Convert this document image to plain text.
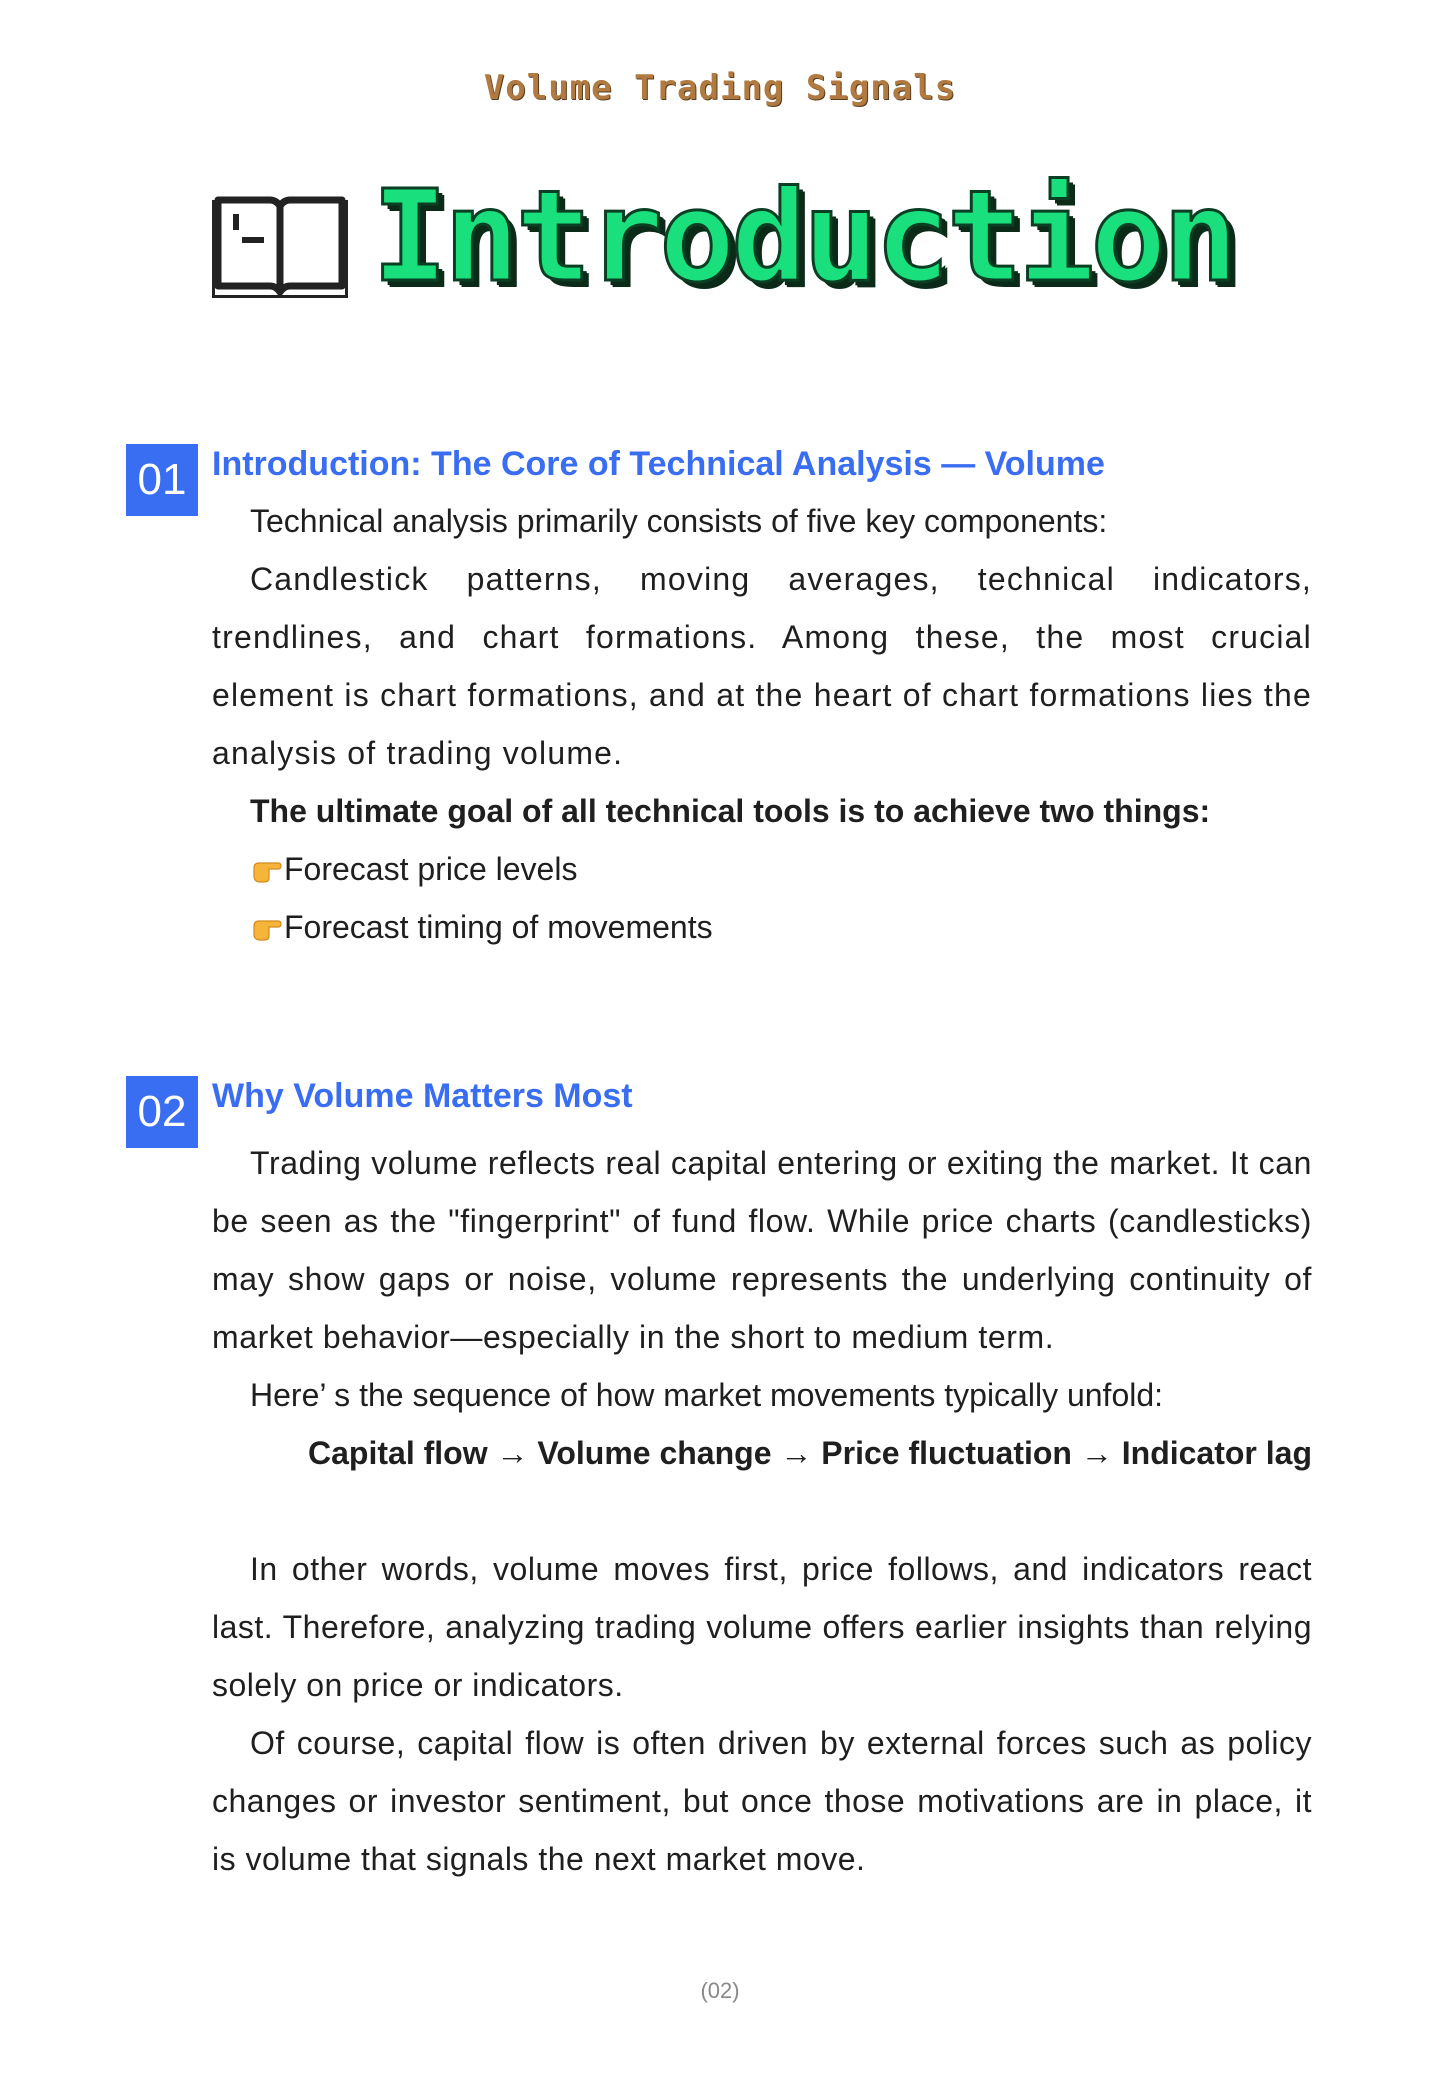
Volume Trading Signals
Introduction
01 Introduction: The Core of Technical Analysis — Volume

Technical analysis primarily consists of five key components:

Candlestick patterns, moving averages, technical indicators, trendlines, and chart formations. Among these, the most crucial element is chart formations, and at the heart of chart formations lies the analysis of trading volume.

The ultimate goal of all technical tools is to achieve two things:

Forecast price levels
Forecast timing of movements
02 Why Volume Matters Most

Trading volume reflects real capital entering or exiting the market. It can be seen as the "fingerprint" of fund flow. While price charts (candlesticks) may show gaps or noise, volume represents the underlying continuity of market behavior—especially in the short to medium term.

Here’ s the sequence of how market movements typically unfold:

Capital flow → Volume change → Price fluctuation → Indicator lag

In other words, volume moves first, price follows, and indicators react last. Therefore, analyzing trading volume offers earlier insights than relying solely on price or indicators.

Of course, capital flow is often driven by external forces such as policy changes or investor sentiment, but once those motivations are in place, it is volume that signals the next market move.

(02)
